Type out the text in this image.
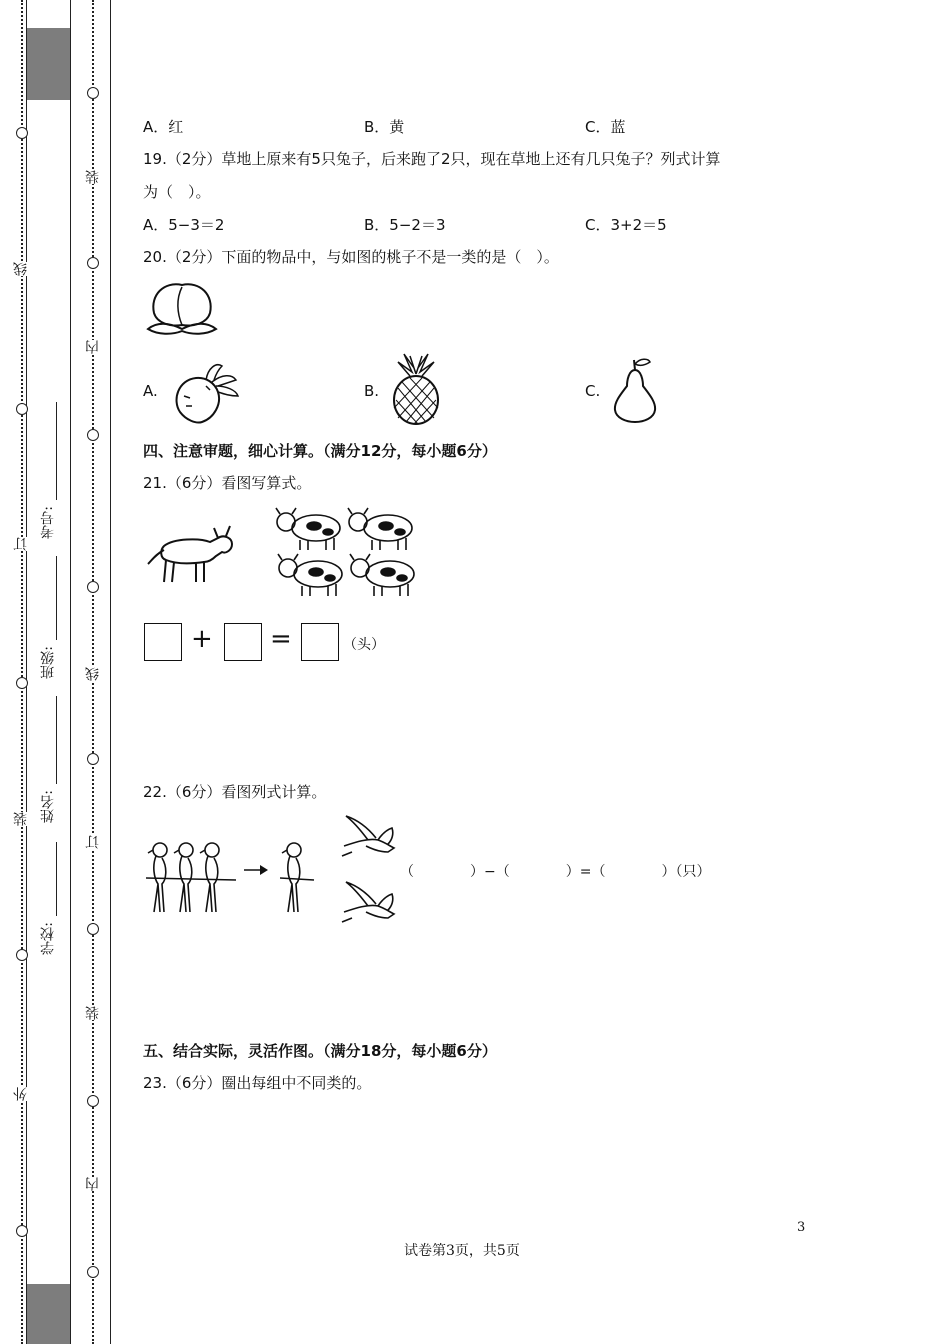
装
内
线
订
装
内
线
订
装
外
考号:
班级:
姓名:
学校:
A．红	B．黄	C．蓝
19.（2分）草地上原来有5只兔子，后来跑了2只，现在草地上还有几只兔子？列式计算
为（　）。
A．5−3＝2	B．5−2＝3	C．3+2＝5
20.（2分）下面的物品中，与如图的桃子不是一类的是（　）。
A.	B.	C.
四、注意审题，细心计算。（满分12分，每小题6分）
21.（6分）看图写算式。
+ =	（头）
22.（6分）看图列式计算。
（　　　　）−（　　　　）=（　　　　）（只）
五、结合实际，灵活作图。（满分18分，每小题6分）
23.（6分）圈出每组中不同类的。
3
试卷第3页，共5页
